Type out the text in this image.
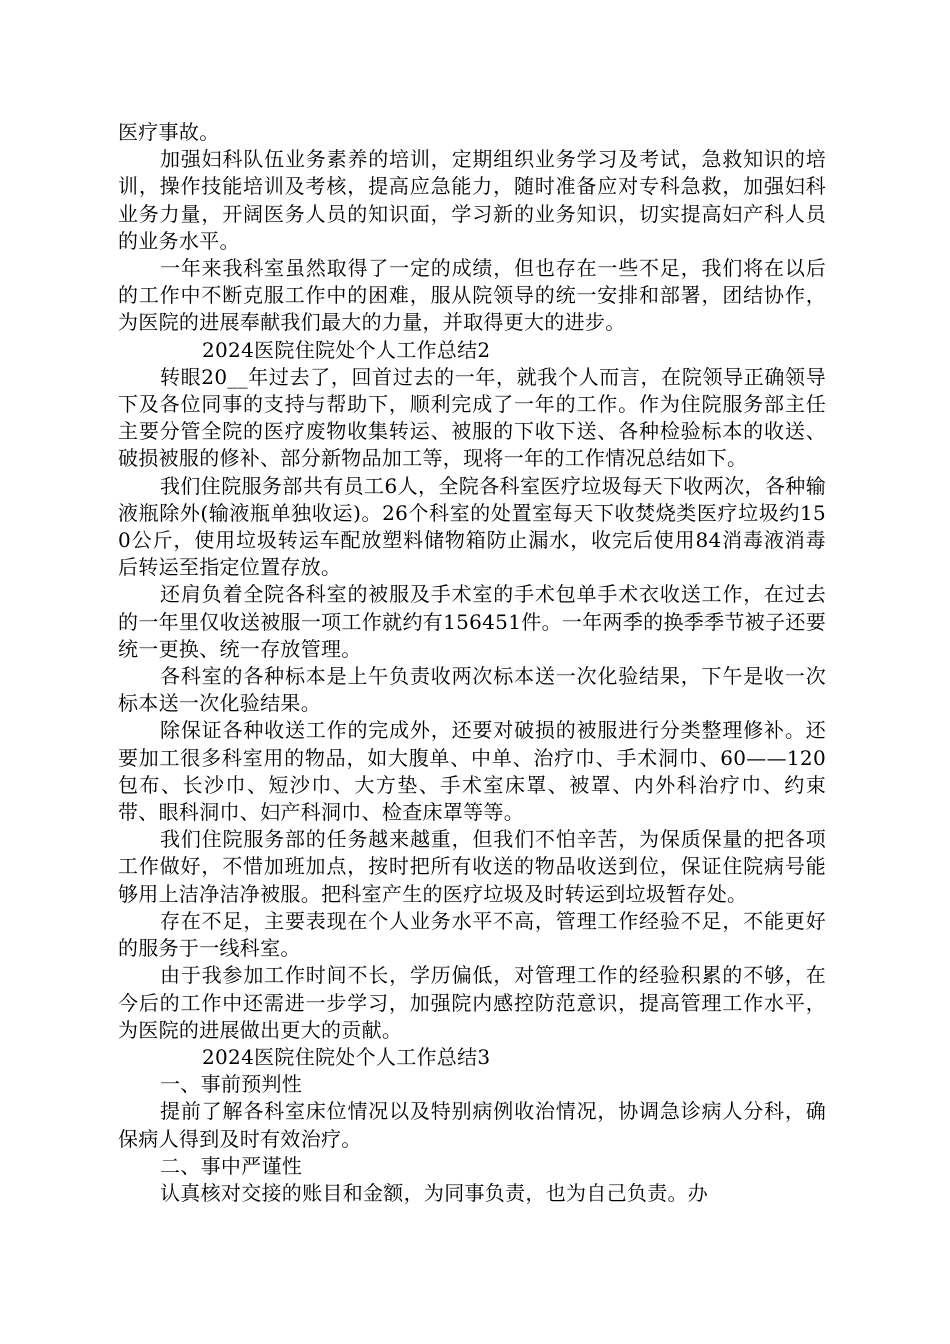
医疗事故。

加强妇科队伍业务素养的培训，定期组织业务学习及考试，急救知识的培训，操作技能培训及考核，提高应急能力，随时准备应对专科急救，加强妇科业务力量，开阔医务人员的知识面，学习新的业务知识，切实提高妇产科人员的业务水平。

一年来我科室虽然取得了一定的成绩，但也存在一些不足，我们将在以后的工作中不断克服工作中的困难，服从院领导的统一安排和部署，团结协作，为医院的进展奉献我们最大的力量，并取得更大的进步。

2024医院住院处个人工作总结2

转眼20__年过去了，回首过去的一年，就我个人而言，在院领导正确领导下及各位同事的支持与帮助下，顺利完成了一年的工作。作为住院服务部主任主要分管全院的医疗废物收集转运、被服的下收下送、各种检验标本的收送、破损被服的修补、部分新物品加工等，现将一年的工作情况总结如下。

我们住院服务部共有员工6人，全院各科室医疗垃圾每天下收两次，各种输液瓶除外(输液瓶单独收运)。26个科室的处置室每天下收焚烧类医疗垃圾约150公斤，使用垃圾转运车配放塑料储物箱防止漏水，收完后使用84消毒液消毒后转运至指定位置存放。

还肩负着全院各科室的被服及手术室的手术包单手术衣收送工作，在过去的一年里仅收送被服一项工作就约有156451件。一年两季的换季季节被子还要统一更换、统一存放管理。

各科室的各种标本是上午负责收两次标本送一次化验结果，下午是收一次标本送一次化验结果。

除保证各种收送工作的完成外，还要对破损的被服进行分类整理修补。还要加工很多科室用的物品，如大腹单、中单、治疗巾、手术洞巾、60——120包布、长沙巾、短沙巾、大方垫、手术室床罩、被罩、内外科治疗巾、约束带、眼科洞巾、妇产科洞巾、检查床罩等等。

我们住院服务部的任务越来越重，但我们不怕辛苦，为保质保量的把各项工作做好，不惜加班加点，按时把所有收送的物品收送到位，保证住院病号能够用上洁净洁净被服。把科室产生的医疗垃圾及时转运到垃圾暂存处。

存在不足，主要表现在个人业务水平不高，管理工作经验不足，不能更好的服务于一线科室。

由于我参加工作时间不长，学历偏低，对管理工作的经验积累的不够，在今后的工作中还需进一步学习，加强院内感控防范意识，提高管理工作水平，为医院的进展做出更大的贡献。

2024医院住院处个人工作总结3

一、事前预判性

提前了解各科室床位情况以及特别病例收治情况，协调急诊病人分科，确保病人得到及时有效治疗。

二、事中严谨性

认真核对交接的账目和金额，为同事负责，也为自己负责。办
